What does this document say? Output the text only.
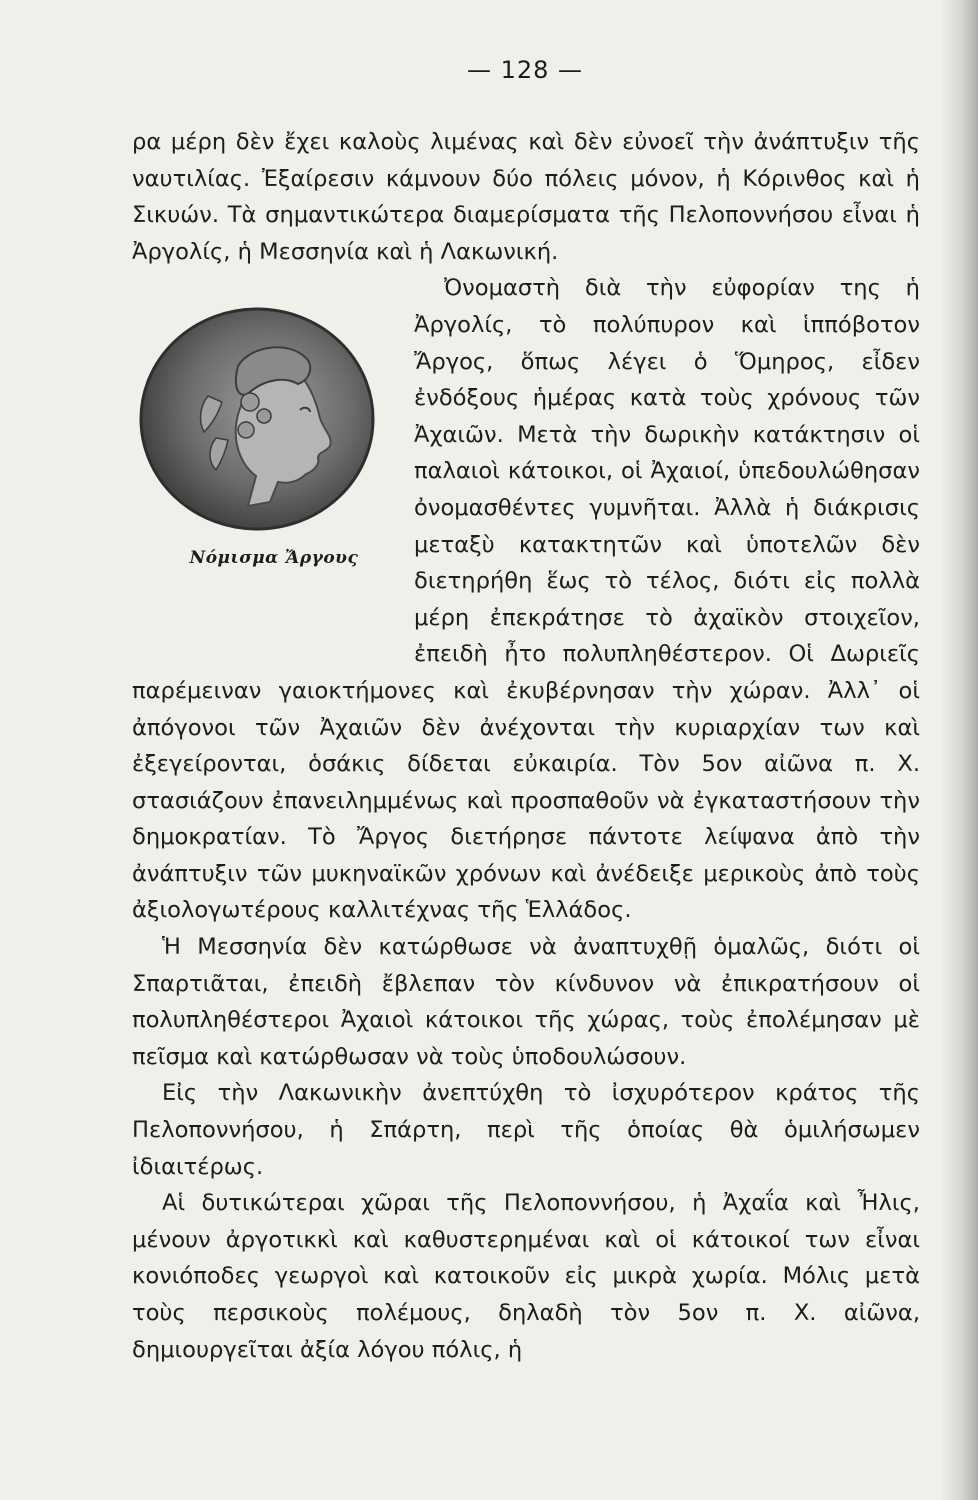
— 128 —

ρα μέρη δὲν ἔχει καλοὺς λιμένας καὶ δὲν εὐνοεῖ τὴν ἀνάπτυξιν τῆς ναυτιλίας. Ἐξαίρεσιν κάμνουν δύο πόλεις μόνον, ἡ Κόρινθος καὶ ἡ Σικυών. Τὰ σημαντικώτερα διαμερίσματα τῆς Πελοποννήσου εἶναι ἡ Ἀργολίς, ἡ Μεσσηνία καὶ ἡ Λακωνική.

Νόμισμα Ἄργους
Ὀνομαστὴ διὰ τὴν εὐφορίαν της ἡ Ἀργολίς, τὸ πολύπυρον καὶ ἱππόβοτον Ἄργος, ὅπως λέγει ὁ Ὅμηρος, εἶδεν ἐνδόξους ἡμέρας κατὰ τοὺς χρόνους τῶν Ἀχαιῶν. Μετὰ τὴν δωρικὴν κατάκτησιν οἱ παλαιοὶ κάτοικοι, οἱ Ἀχαιοί, ὑπεδουλώθησαν ὀνομασθέντες γυμνῆται. Ἀλλὰ ἡ διάκρισις μεταξὺ κατακτητῶν καὶ ὑποτελῶν δὲν διετηρήθη ἕως τὸ τέλος, διότι εἰς πολλὰ μέρη ἐπεκράτησε τὸ ἀχαϊκὸν στοιχεῖον, ἐπειδὴ ἦτο πολυπληθέστερον. Οἱ Δωριεῖς παρέμειναν γαιοκτήμονες καὶ ἐκυβέρνησαν τὴν χώραν. Ἀλλ᾽ οἱ ἀπόγονοι τῶν Ἀχαιῶν δὲν ἀνέχονται τὴν κυριαρχίαν των καὶ ἐξεγείρονται, ὁσάκις δίδεται εὐκαιρία. Τὸν 5ον αἰῶνα π. Χ. στασιάζουν ἐπανειλημμένως καὶ προσπαθοῦν νὰ ἐγκαταστήσουν τὴν δημοκρατίαν. Τὸ Ἄργος διετήρησε πάντοτε λείψανα ἀπὸ τὴν ἀνάπτυξιν τῶν μυκηναϊκῶν χρόνων καὶ ἀνέδειξε μερικοὺς ἀπὸ τοὺς ἀξιολογωτέρους καλλιτέχνας τῆς Ἑλλάδος.

Ἡ Μεσσηνία δὲν κατώρθωσε νὰ ἀναπτυχθῇ ὁμαλῶς, διότι οἱ Σπαρτιᾶται, ἐπειδὴ ἔβλεπαν τὸν κίνδυνον νὰ ἐπικρατήσουν οἱ πολυπληθέστεροι Ἀχαιοὶ κάτοικοι τῆς χώρας, τοὺς ἐπολέμησαν μὲ πεῖσμα καὶ κατώρθωσαν νὰ τοὺς ὑποδουλώσουν.

Εἰς τὴν Λακωνικὴν ἀνεπτύχθη τὸ ἰσχυρότερον κράτος τῆς Πελοποννήσου, ἡ Σπάρτη, περὶ τῆς ὁποίας θὰ ὁμιλήσωμεν ἰδιαιτέρως.

Αἱ δυτικώτεραι χῶραι τῆς Πελοποννήσου, ἡ Ἀχαΐα καὶ Ἦλις, μένουν ἀργοτικκὶ καὶ καθυστερημέναι καὶ οἱ κάτοικοί των εἶναι κονιόποδες γεωργοὶ καὶ κατοικοῦν εἰς μικρὰ χωρία. Μόλις μετὰ τοὺς περσικοὺς πολέμους, δηλαδὴ τὸν 5ον π. Χ. αἰῶνα, δημιουργεῖται ἀξία λόγου πόλις, ἡ
